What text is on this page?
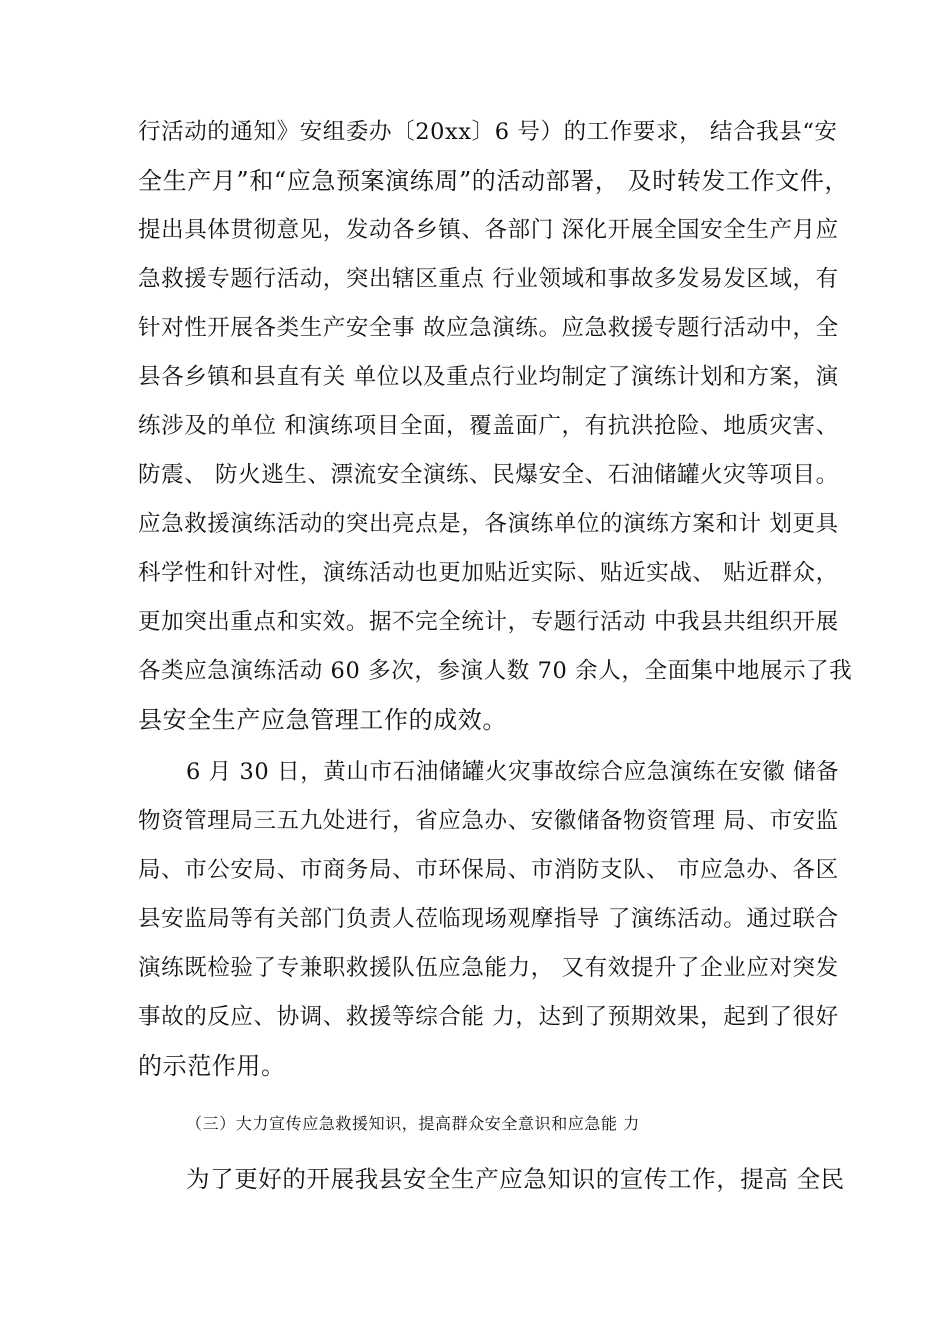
行活动的通知》安组委办〔20xx〕6 号）的工作要求， 结合我县“安
全生产月”和“应急预案演练周”的活动部署， 及时转发工作文件，
提出具体贯彻意见，发动各乡镇、各部门 深化开展全国安全生产月应
急救援专题行活动，突出辖区重点 行业领域和事故多发易发区域，有
针对性开展各类生产安全事 故应急演练。应急救援专题行活动中，全
县各乡镇和县直有关 单位以及重点行业均制定了演练计划和方案，演
练涉及的单位 和演练项目全面，覆盖面广，有抗洪抢险、地质灾害、
防震、 防火逃生、漂流安全演练、民爆安全、石油储罐火灾等项目。
应急救援演练活动的突出亮点是，各演练单位的演练方案和计 划更具
科学性和针对性，演练活动也更加贴近实际、贴近实战、 贴近群众，
更加突出重点和实效。据不完全统计，专题行活动 中我县共组织开展
各类应急演练活动 60 多次，参演人数 70 余人，全面集中地展示了我
县安全生产应急管理工作的成效。
6 月 30 日，黄山市石油储罐火灾事故综合应急演练在安徽 储备
物资管理局三五九处进行，省应急办、安徽储备物资管理 局、市安监
局、市公安局、市商务局、市环保局、市消防支队、 市应急办、各区
县安监局等有关部门负责人莅临现场观摩指导 了演练活动。通过联合
演练既检验了专兼职救援队伍应急能力， 又有效提升了企业应对突发
事故的反应、协调、救援等综合能 力，达到了预期效果，起到了很好
的示范作用。
（三）大力宣传应急救援知识，提高群众安全意识和应急能 力
为了更好的开展我县安全生产应急知识的宣传工作，提高 全民
